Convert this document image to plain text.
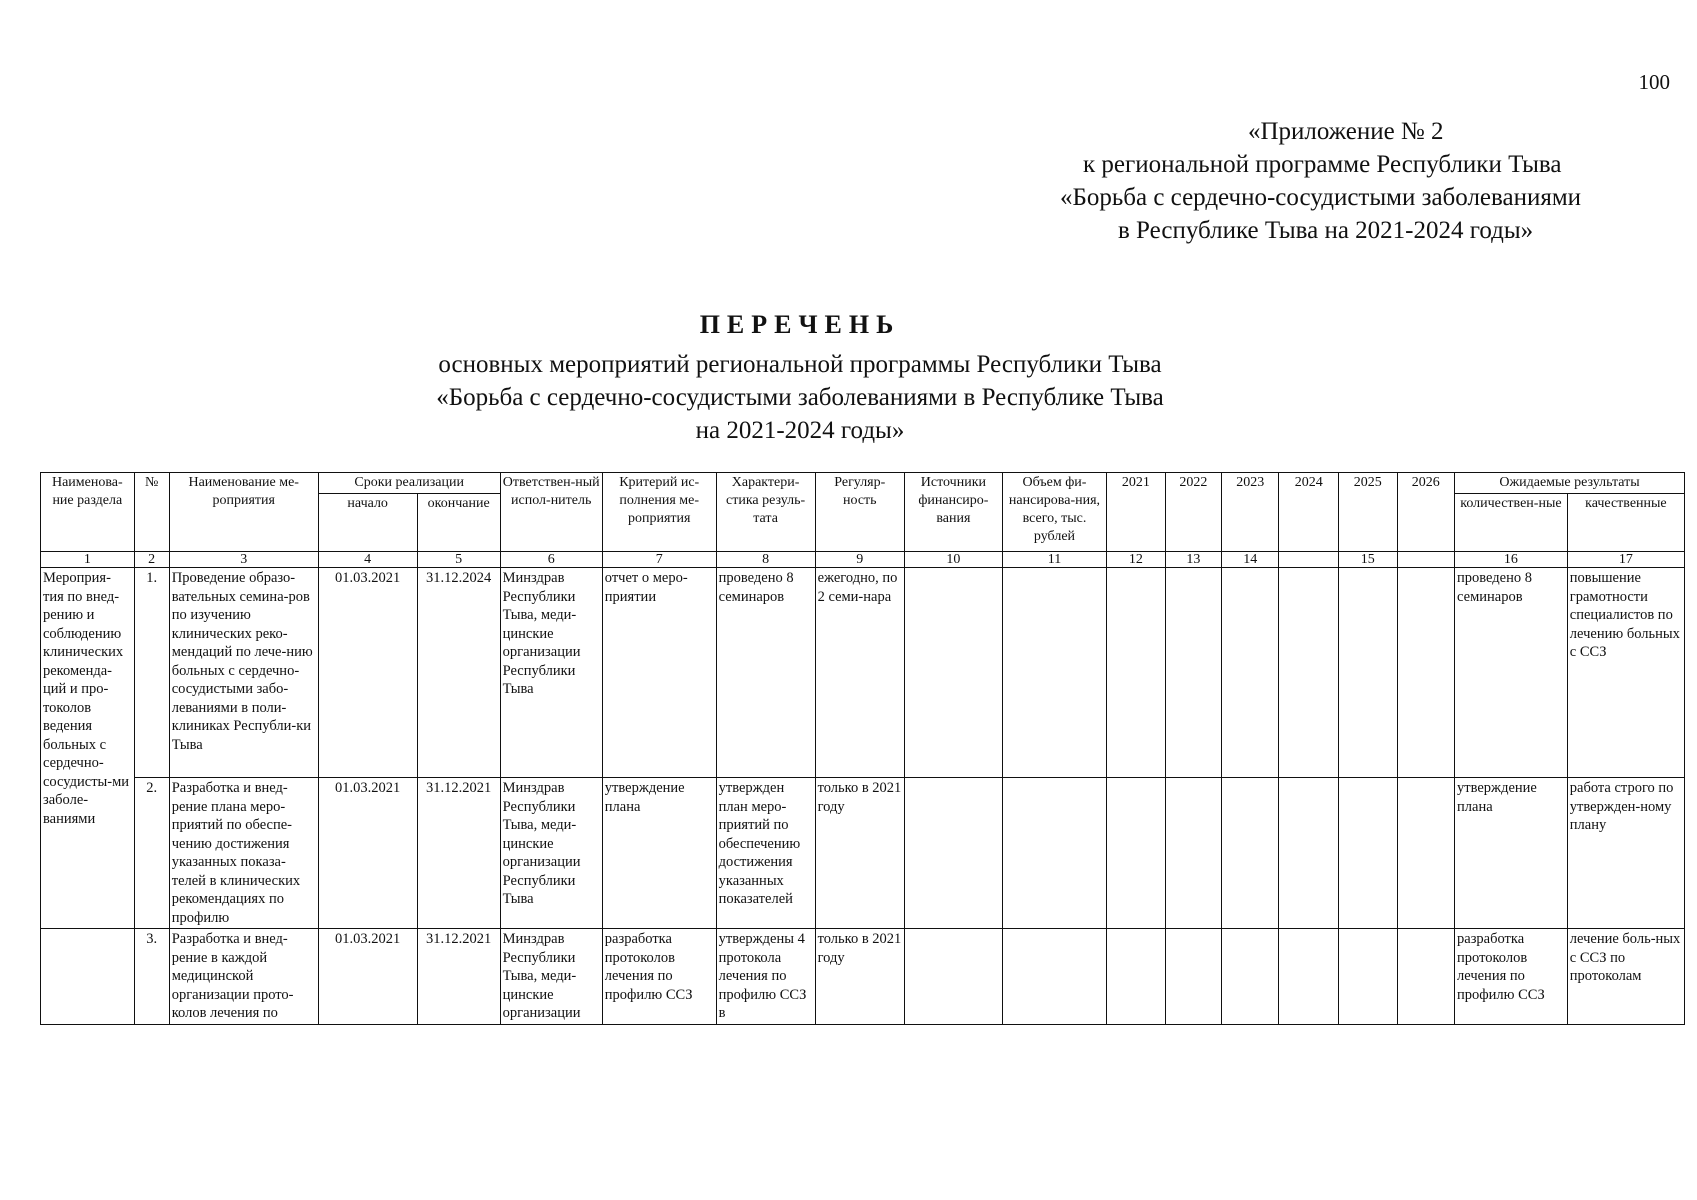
100
«Приложение № 2
к региональной программе Республики Тыва
«Борьба с сердечно-сосудистыми заболеваниями
в Республике Тыва на 2021-2024 годы»
ПЕРЕЧЕНЬ
основных мероприятий региональной программы Республики Тыва
«Борьба с сердечно-сосудистыми заболеваниями в Республике Тыва
на 2021-2024 годы»
Наименова-ние раздела	№	Наименование ме-роприятия	Сроки реализации		Ответствен-ный испол-нитель	Критерий ис-полнения ме-роприятия	Характери-стика резуль-тата	Регуляр-ность	Источники финансиро-вания	Объем фи-нансирова-ния, всего, тыс. рублей	2021	2022	2023	2024	2025	2026	Ожидаемые результаты	
			начало	окончание													количествен-ные	качественные
1	2	3	4	5	6	7	8	9	10	11	12	13	14		15		16	17
Мероприя-тия по внед-рению и соблюдению клинических рекоменда-ций и про-токолов ведения больных с сердечно-сосудисты-ми заболе-ваниями	1.	Проведение образо-вательных семина-ров по изучению клинических реко-мендаций по лече-нию больных с сердечно-сосудистыми забо-леваниями в поли-клиниках Республи-ки Тыва	01.03.2021	31.12.2024	Минздрав Республики Тыва, меди-цинские организации Республики Тыва	отчет о меро-приятии	проведено 8 семинаров	ежегодно, по 2 семи-нара									проведено 8 семинаров	повышение грамотности специалистов по лечению больных с ССЗ
	2.	Разработка и внед-рение плана меро-приятий по обеспе-чению достижения указанных показа-телей в клинических рекомендациях по профилю	01.03.2021	31.12.2021	Минздрав Республики Тыва, меди-цинские организации Республики Тыва	утверждение плана	утвержден план меро-приятий по обеспечению достижения указанных показателей	только в 2021 году									утверждение плана	работа строго по утвержден-ному плану
	3.	Разработка и внед-рение в каждой медицинской организации прото-колов лечения по	01.03.2021	31.12.2021	Минздрав Республики Тыва, меди-цинские организации	разработка протоколов лечения по профилю ССЗ	утверждены 4 протокола лечения по профилю ССЗ в	только в 2021 году									разработка протоколов лечения по профилю ССЗ	лечение боль-ных с ССЗ по протоколам
